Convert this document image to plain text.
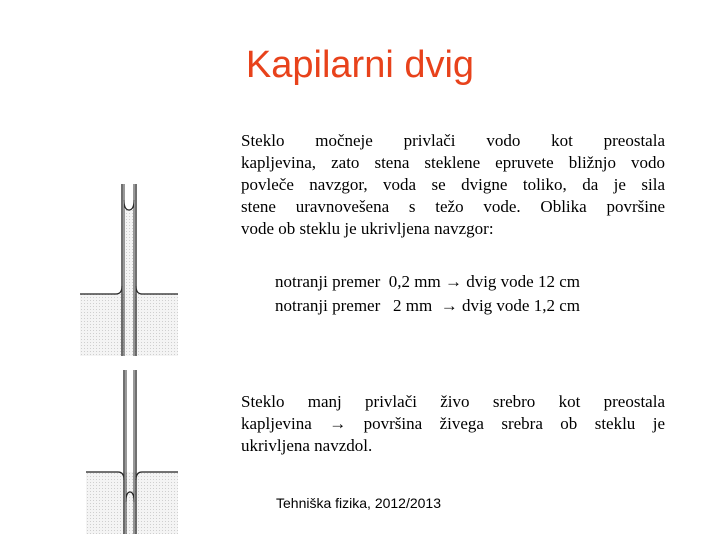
Kapilarni dvig
Steklo močneje privlači vodo kot preostala
kapljevina, zato stena steklene epruvete bližnjo vodo
povleče navzgor, voda se dvigne toliko, da je sila
stene uravnovešena s težo vode. Oblika površine
vode ob steklu je ukrivljena navzgor:
notranji premer  0,2 mm → dvig vode 12 cm
notranji premer   2 mm  → dvig vode 1,2 cm
Steklo manj privlači živo srebro kot preostala
kapljevina → površina živega srebra ob steklu je
ukrivljena navzdol.
Tehniška fizika, 2012/2013
